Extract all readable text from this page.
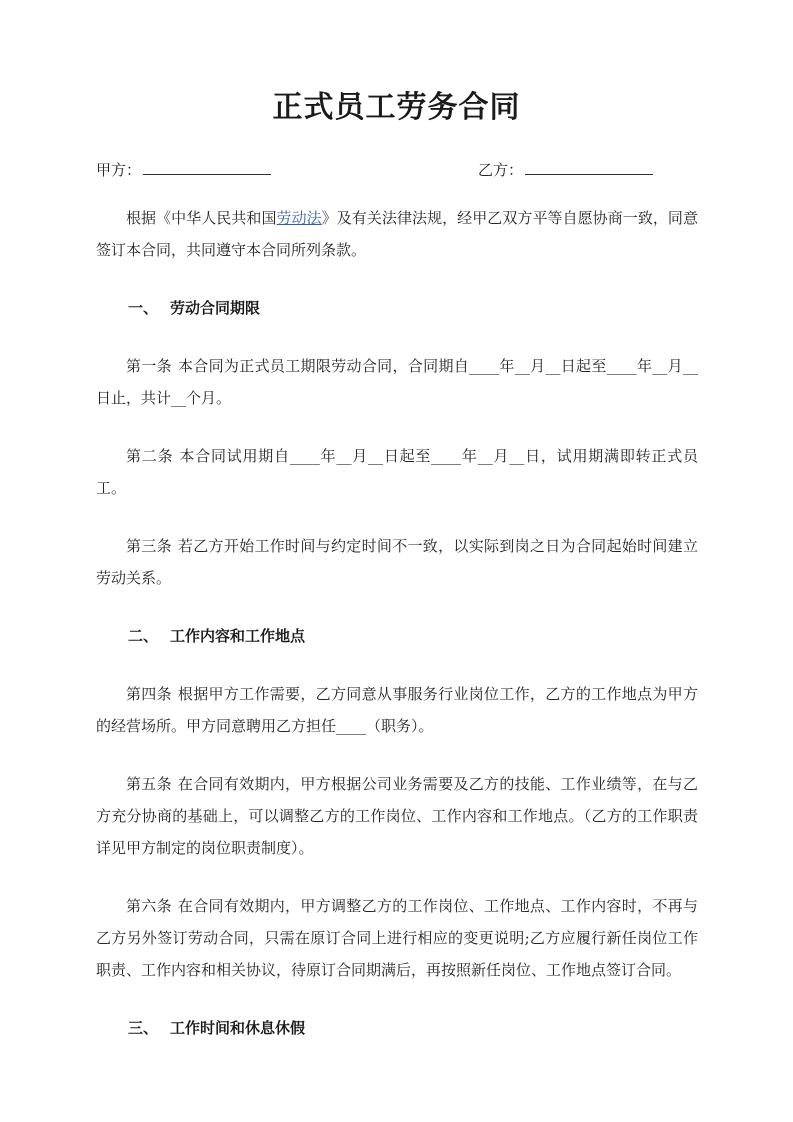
正式员工劳务合同
甲方：	乙方：

根据《中华人民共和国劳动法》及有关法律法规，经甲乙双方平等自愿协商一致，同意签订本合同，共同遵守本合同所列条款。

一、 劳动合同期限

第一条 本合同为正式员工期限劳动合同，合同期自____年__月__日起至____年__月__日止，共计__个月。

第二条 本合同试用期自____年__月__日起至____年__月__日，试用期满即转正式员工。

第三条 若乙方开始工作时间与约定时间不一致，以实际到岗之日为合同起始时间建立劳动关系。

二、 工作内容和工作地点

第四条 根据甲方工作需要，乙方同意从事服务行业岗位工作，乙方的工作地点为甲方的经营场所。甲方同意聘用乙方担任____（职务）。

第五条 在合同有效期内，甲方根据公司业务需要及乙方的技能、工作业绩等，在与乙方充分协商的基础上，可以调整乙方的工作岗位、工作内容和工作地点。（乙方的工作职责详见甲方制定的岗位职责制度）。

第六条 在合同有效期内，甲方调整乙方的工作岗位、工作地点、工作内容时，不再与乙方另外签订劳动合同，只需在原订合同上进行相应的变更说明;乙方应履行新任岗位工作职责、工作内容和相关协议，待原订合同期满后，再按照新任岗位、工作地点签订合同。

三、 工作时间和休息休假
